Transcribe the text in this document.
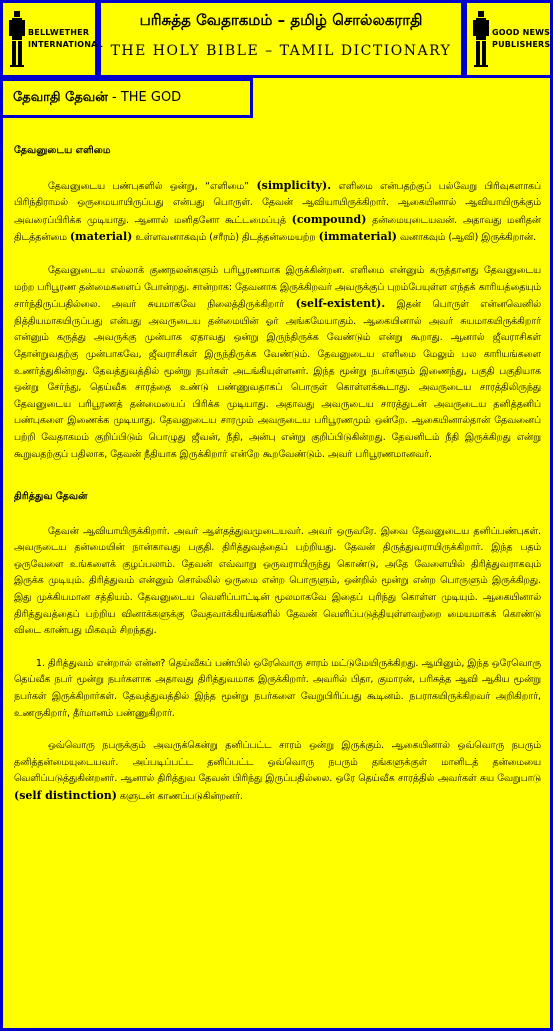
BELLWETHER
INTERNATIONAL
பரிசுத்த வேதாகமம் – தமிழ் சொல்லகராதி
THE HOLY BIBLE – TAMIL DICTIONARY
GOOD NEWS
PUBLISHERS
தேவாதி தேவன் - THE GOD
தேவனுடைய எளிமை

தேவனுடைய பண்புகளில் ஒன்று, “எளிமை” (simplicity). எளிமை என்பதற்குப் பல்வேறு பிரிவுகளாகப் பிரிந்திராமல் ஒருமையாயிருப்பது என்பது பொருள். தேவன் ஆவியாயிருக்கிறார். ஆகையினால் ஆவியாயிருக்கும் அவரைப்பிரிக்க முடியாது. ஆனால் மனிதனோ கூட்டமைப்புத் (compound) தன்மையுடையவன். அதாவது மனிதன் திடத்தன்மை (material) உள்ளவனாகவும் (சரீரம்) திடத்தன்மையற்ற (immaterial) வனாகவும் (ஆவி) இருக்கிறான்.

தேவனுடைய எல்லாக் குணநலன்களும் பரிபூரணமாக இருக்கின்றன. எளிமை என்னும் கருத்தானது தேவனுடைய மற்ற பரிபூரண தன்மைகளைப் போன்றது. சான்றாக: தேவனாக இருக்கிறவர் அவருக்குப் புறம்பேயுள்ள எந்தக் காரியத்தையும் சார்ந்திருப்பதில்லை. அவர் சுயமாகவே நிலைத்திருக்கிறார் (self-existent). இதன் பொருள் என்னவெனில் நித்தியமாகயிருப்பது என்பது அவருடைய தன்மையின் ஓர் அங்கமேயாகும். ஆகையினால் அவர் சுயமாகயிருக்கிறார் என்னும் கருத்து அவருக்கு முன்பாக ஏதாவது ஒன்று இருந்திருக்க வேண்டும் என்று கூறாது. ஆனால் ஜீவராசிகள் தோன்றுவதற்கு முன்பாகவே, ஜீவராசிகள் இருந்திருக்க வேண்டும். தேவனுடைய எளிமை மேலும் பல காரியங்களை உணர்த்துகின்றது. தேவத்துவத்தில் மூன்று நபர்கள் அடங்கியுள்ளனர். இந்த மூன்று நபர்களும் இணைந்து, பகுதி பகுதியாக ஒன்று சேர்ந்து, தெய்வீக சாரத்தை உண்டு பண்ணுவதாகப் பொருள் கொள்ளக்கூடாது. அவருடைய சாரத்திலிருந்து தேவனுடைய பரிபூரணத் தன்மையைப் பிரிக்க முடியாது. அதாவது அவருடைய சாரத்துடன் அவருடைய தனித்தனிப் பண்புகளை இணைக்க முடியாது. தேவனுடைய சாரமும் அவருடைய பரிபூரணமும் ஒன்றே. ஆகையினால்தான் தேவனைப் பற்றி வேதாகமம் குறிப்பிடும் பொழுது ஜீவன், நீதி, அன்பு என்று குறிப்பிடுகின்றது. தேவனிடம் நீதி இருக்கிறது என்று கூறுவதற்குப் பதிலாக, தேவன் நீதியாக இருக்கிறார் என்றே கூறவேண்டும். அவர் பரிபூரணமானவர்.

திரித்துவ தேவன்

தேவன் ஆவியாயிருக்கிறார். அவர் ஆள்தத்துவமுடையவர். அவர் ஒருவரே. இவை தேவனுடைய தனிப்பண்புகள். அவருடைய தன்மையின் நான்காவது பகுதி. திரித்துவத்தைப் பற்றியது. தேவன் திருத்துவராயிருக்கிறார். இந்த பதம் ஒருவேளை உங்களைக் குழப்பலாம். தேவன் எவ்வாறு ஒருவராயிருந்து கொண்டு, அதே வேளையில் திரித்துவராகவும் இருக்க முடியும். திரித்துவம் என்னும் சொல்லில் ஒருமை என்ற பொருளும், ஒன்றில் மூன்று என்ற பொருளும் இருக்கிறது. இது முக்கியமான சத்தியம். தேவனுடைய வெளிப்பாட்டின் மூலமாகவே இதைப் புரிந்து கொள்ள முடியும். ஆகையினால் திரித்துவத்தைப் பற்றிய வினாக்களுக்கு வேதவாக்கியங்களில் தேவன் வெளிப்படுத்தியுள்ளவற்றை மையமாகக் கொண்டு விடை காண்பது மிகவும் சிறந்தது.

1. திரித்துவம் என்றால் என்ன? தெய்வீகப் பண்பில் ஒரேவொரு சாரம் மட்டுமேயிருக்கிறது. ஆயினும், இந்த ஒரேவொரு தெய்வீக நபர் மூன்று நபர்களாக அதாவது திரித்துவமாக இருக்கிறார். அவரில் பிதா, குமாரன், பரிசுத்த ஆவி ஆகிய மூன்று நபர்கள் இருக்கிறார்கள். தேவத்துவத்தில் இந்த மூன்று நபர்களை வேறுபிரிப்பது கூடினம். நபராகயிருக்கிறவர் அறிகிறார், உணருகிறார், தீர்மானம் பண்ணுகிறார்.

ஒவ்வொரு நபருக்கும் அவருக்கென்று தனிப்பட்ட சாரம் ஒன்று இருக்கும். ஆகையினால் ஒவ்வொரு நபரும் தனித்தன்மையுடையவர். அப்படிப்பட்ட தனிப்பட்ட ஒவ்வொரு நபரும் தங்களுக்குள் மானிடத் தன்மையை வெளிப்படுத்துகின்றனர். ஆனால் திரித்துவ தேவன் பிரிந்து இருப்பதில்லை. ஒரே தெய்வீக சாரத்தில் அவர்கள் சுய வேறுபாடு (self distinction) களுடன் காணப்படுகின்றனர்.
